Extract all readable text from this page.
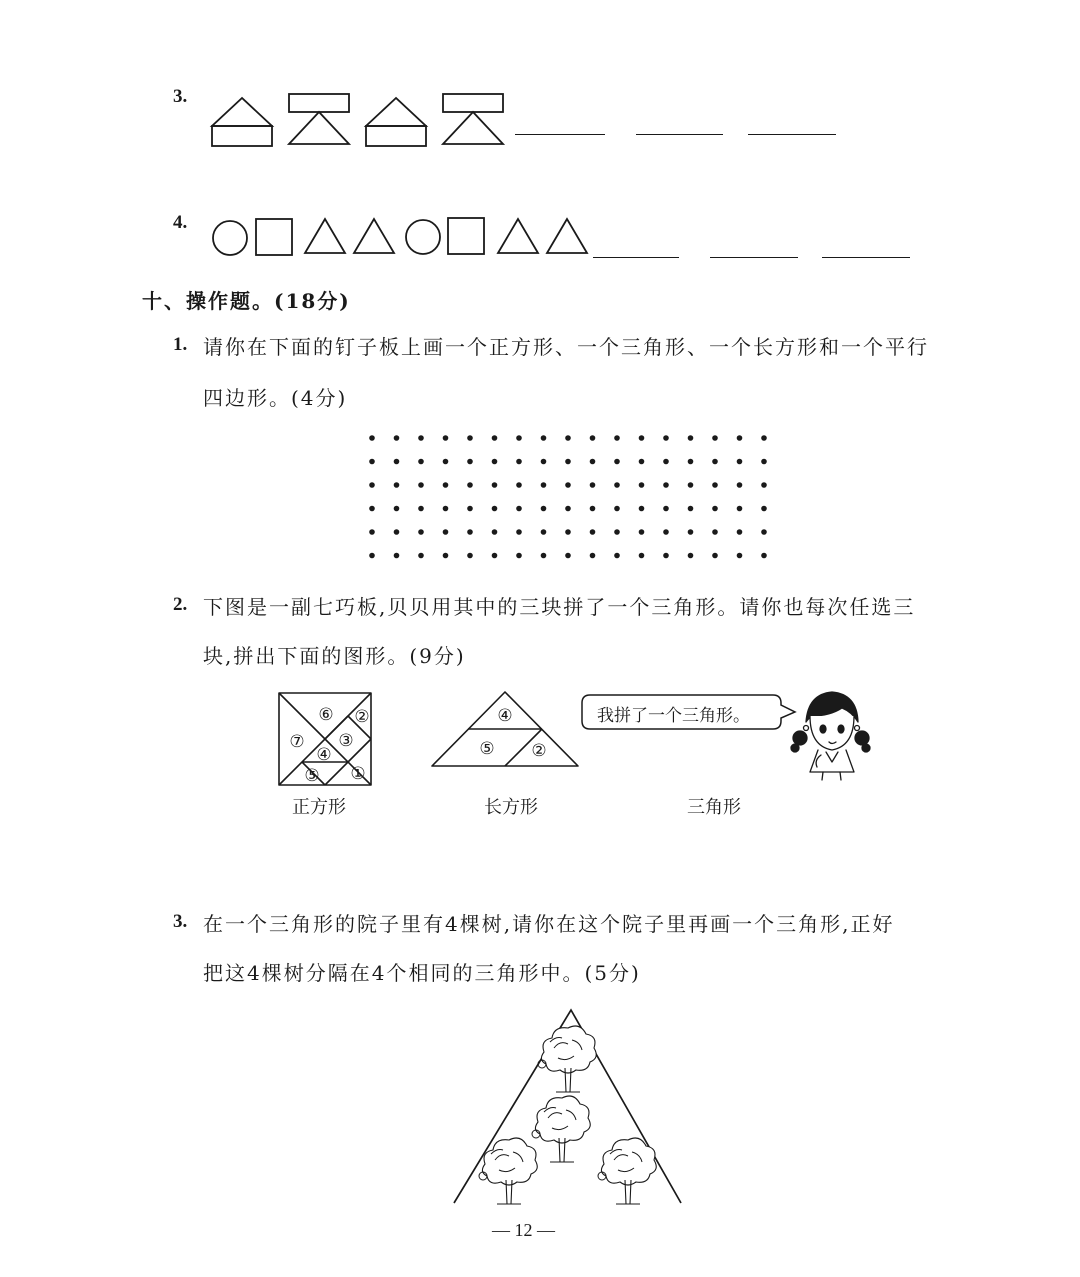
3.
4.
十、操作题。(18分)
1. 请你在下面的钉子板上画一个正方形、一个三角形、一个长方形和一个平行
四边形。(4分)
2. 下图是一副七巧板,贝贝用其中的三块拼了一个三角形。请你也每次任选三
块,拼出下面的图形。(9分)
⑥ ②
③
⑦
④
⑤ ①
正方形
④
⑤ ②
长方形
我拼了一个三角形。
三角形
3. 在一个三角形的院子里有4棵树,请你在这个院子里再画一个三角形,正好
把这4棵树分隔在4个相同的三角形中。(5分)
— 12 —
